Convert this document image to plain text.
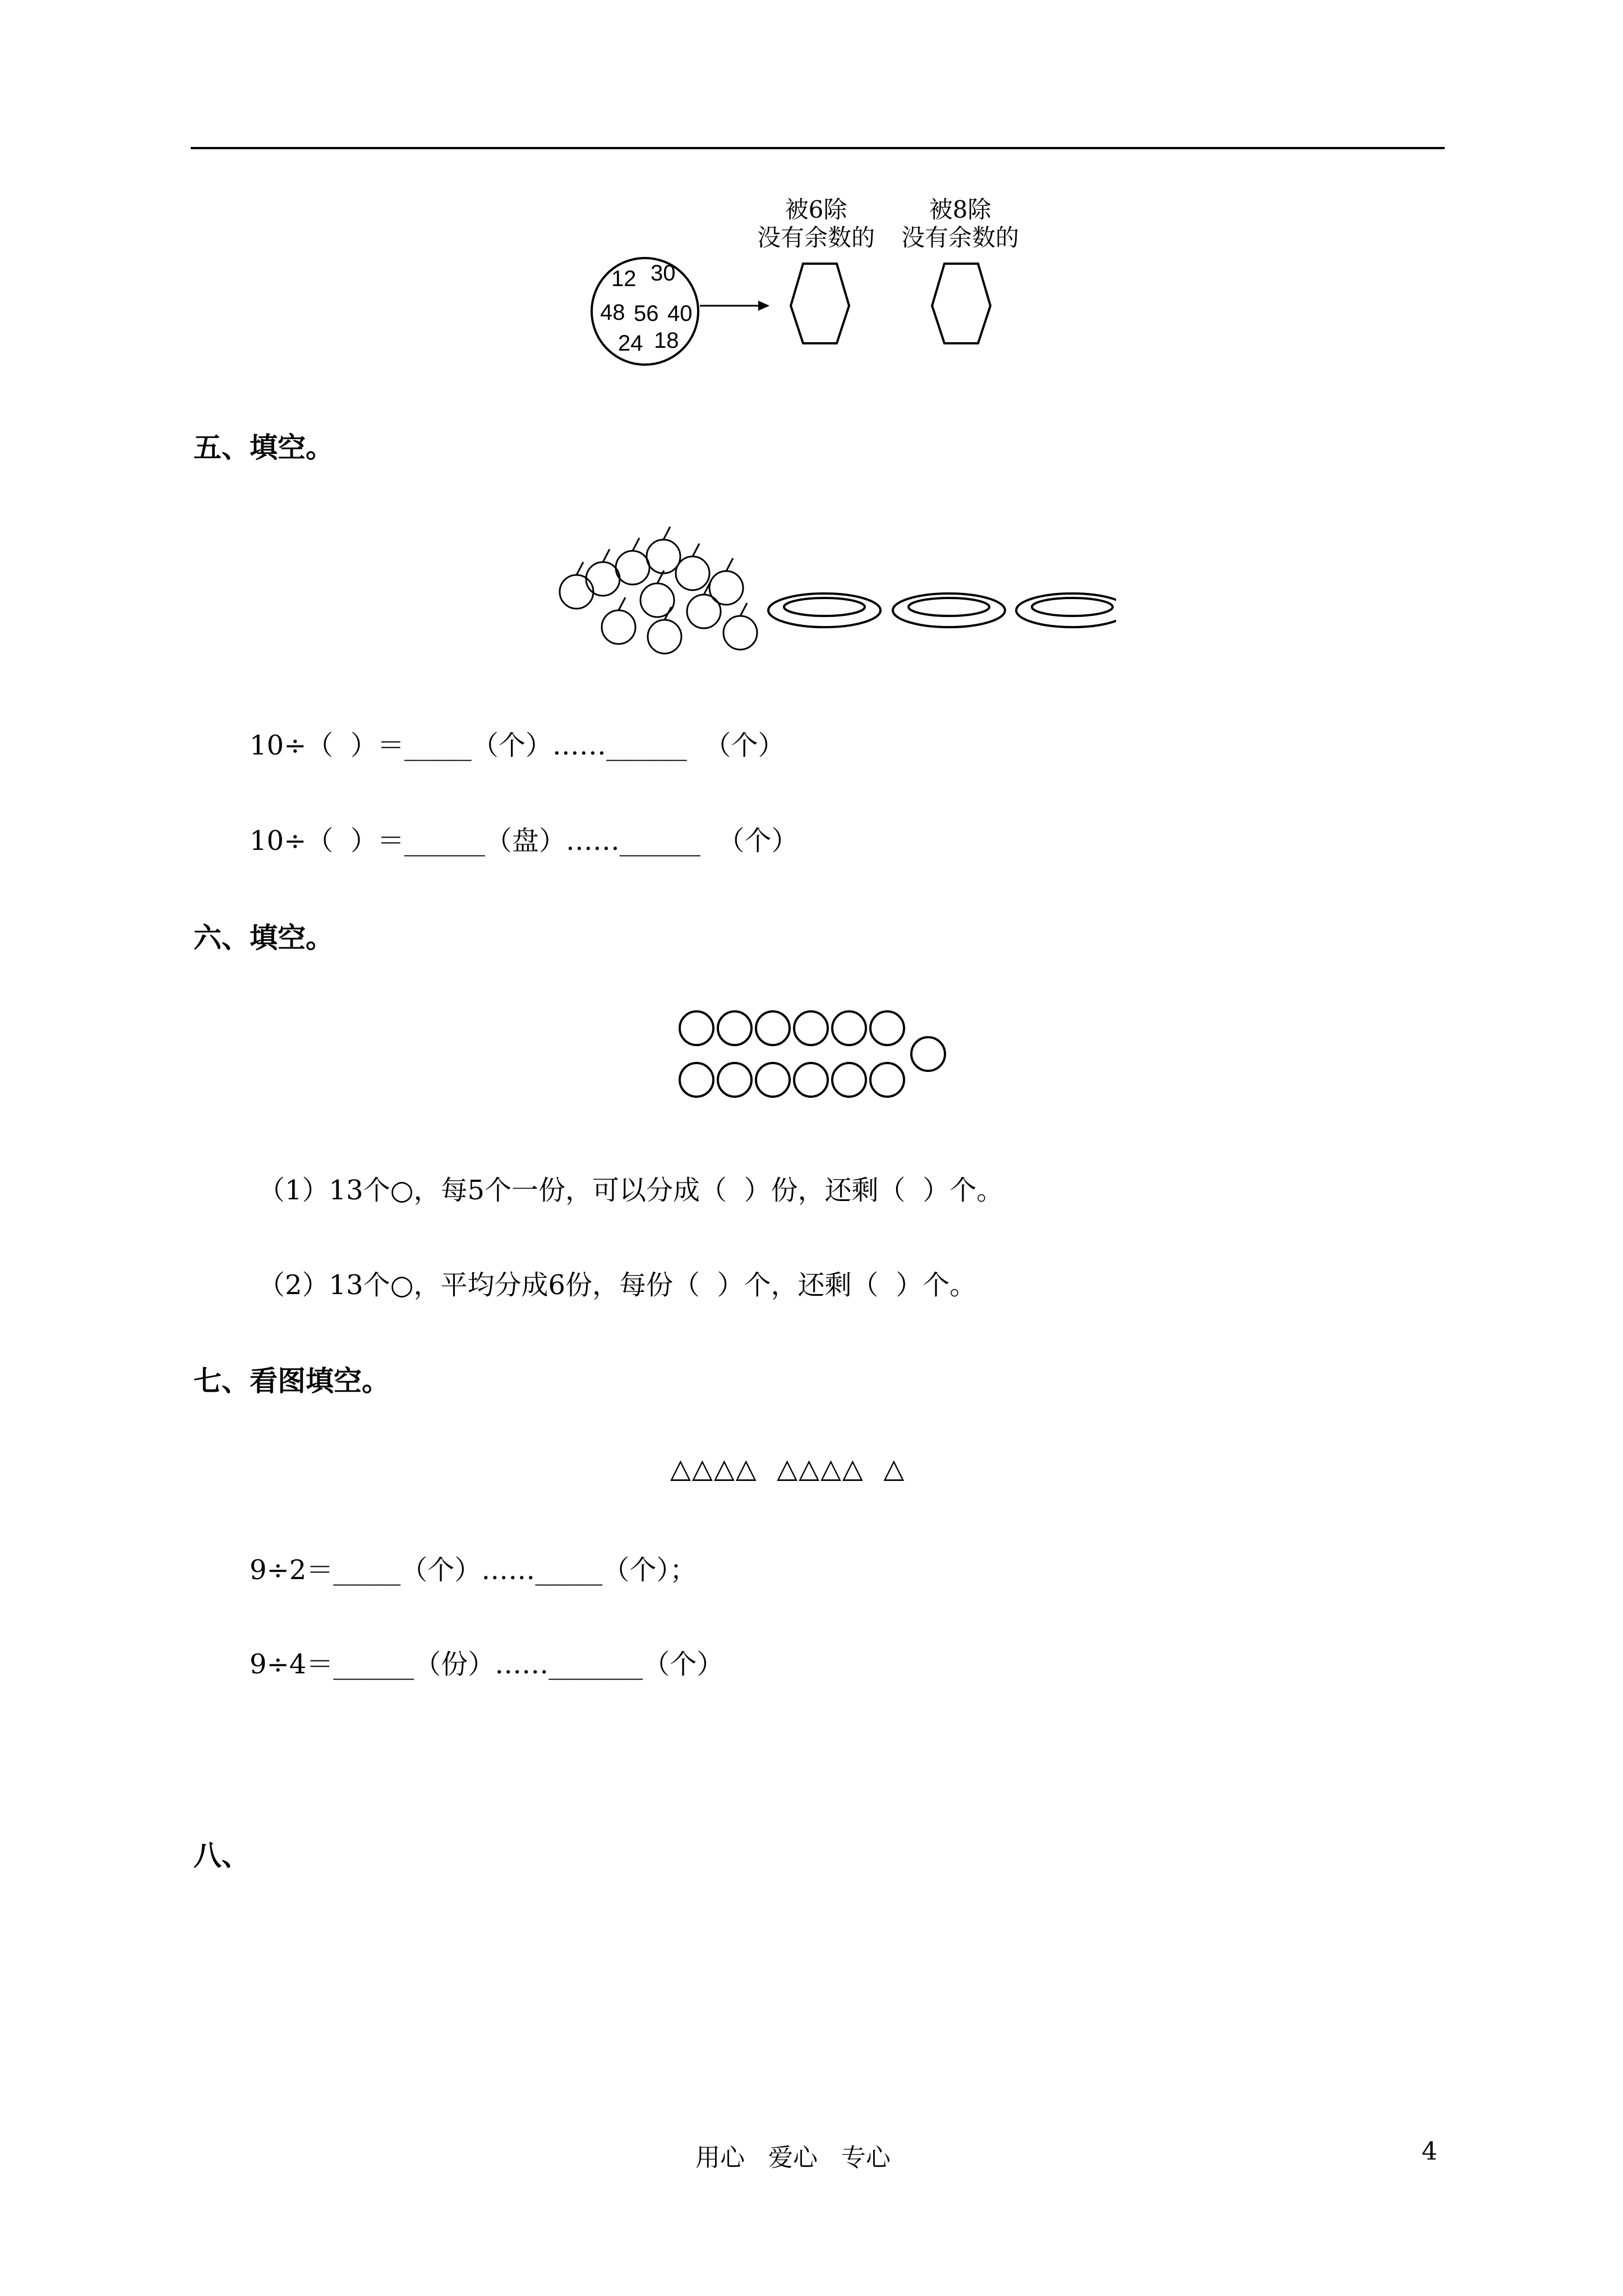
12 30
48 56 40
24 18
被6除
没有余数的
被8除
没有余数的
五、填空。
10÷（  ）＝_____（个）……______  （个）
10÷（  ）＝______（盘）……______  （个）
六、填空。
（1）13个○，每5个一份，可以分成（  ）份，还剩（  ）个。
（2）13个○，平均分成6份，每份（  ）个，还剩（  ）个。
七、看图填空。
△△△△  △△△△  △
9÷2＝_____（个）……_____（个）；
9÷4＝______（份）……_______（个）
八、
用心   爱心   专心	4
